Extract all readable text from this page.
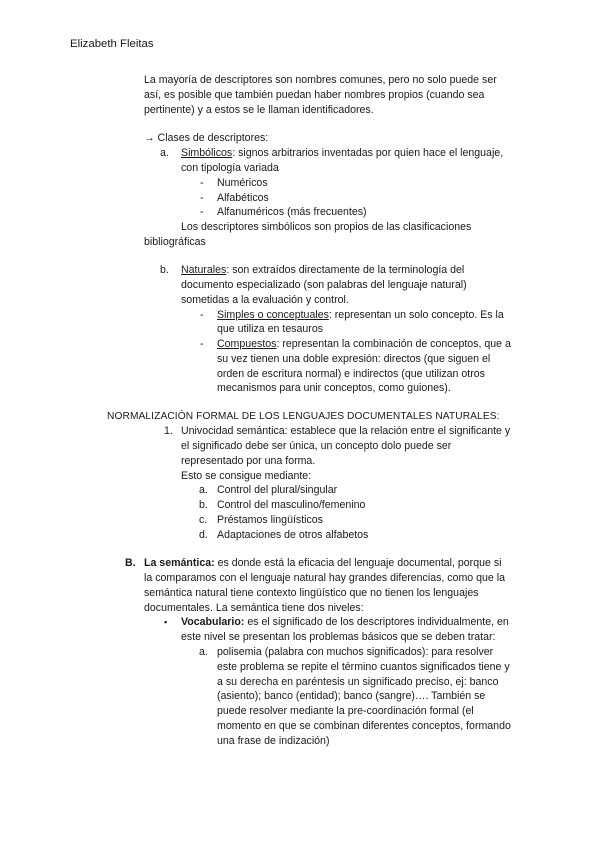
Elizabeth Fleitas
La mayoría de descriptores son nombres comunes, pero no solo puede ser
así, es posible que también puedan haber nombres propios (cuando sea
pertinente) y a estos se le llaman identificadores.
→ Clases de descriptores:
a. Simbólicos: signos arbitrarios inventadas por quien hace el lenguaje,
con tipología variada
- Numéricos
- Alfabéticos
- Alfanuméricos (más frecuentes)
Los descriptores simbólicos son propios de las clasificaciones
bibliográficas
b. Naturales: son extraídos directamente de la terminología del
documento especializado (son palabras del lenguaje natural)
sometidas a la evaluación y control.
- Simples o conceptuales: representan un solo concepto. Es la
que utiliza en tesauros
- Compuestos: representan la combinación de conceptos, que a
su vez tienen una doble expresión: directos (que siguen el
orden de escritura normal) e indirectos (que utilizan otros
mecanismos para unir conceptos, como guiones).
NORMALIZACIÓN FORMAL DE LOS LENGUAJES DOCUMENTALES NATURALES:
1. Univocidad semántica: establece que la relación entre el significante y
el significado debe ser única, un concepto dolo puede ser
representado por una forma.
Esto se consigue mediante:
a. Control del plural/singular
b. Control del masculino/femenino
c. Préstamos lingüísticos
d. Adaptaciones de otros alfabetos
B. La semántica: es donde está la eficacia del lenguaje documental, porque si
la comparamos con el lenguaje natural hay grandes diferencias, como que la
semántica natural tiene contexto lingüístico que no tienen los lenguajes
documentales. La semántica tiene dos niveles:
▪ Vocabulario: es el significado de los descriptores individualmente, en
este nivel se presentan los problemas básicos que se deben tratar:
a. polisemia (palabra con muchos significados): para resolver
este problema se repite el término cuantos significados tiene y
a su derecha en paréntesis un significado preciso, ej: banco
(asiento); banco (entidad); banco (sangre)…. También se
puede resolver mediante la pre-coordinación formal (el
momento en que se combinan diferentes conceptos, formando
una frase de indización)
